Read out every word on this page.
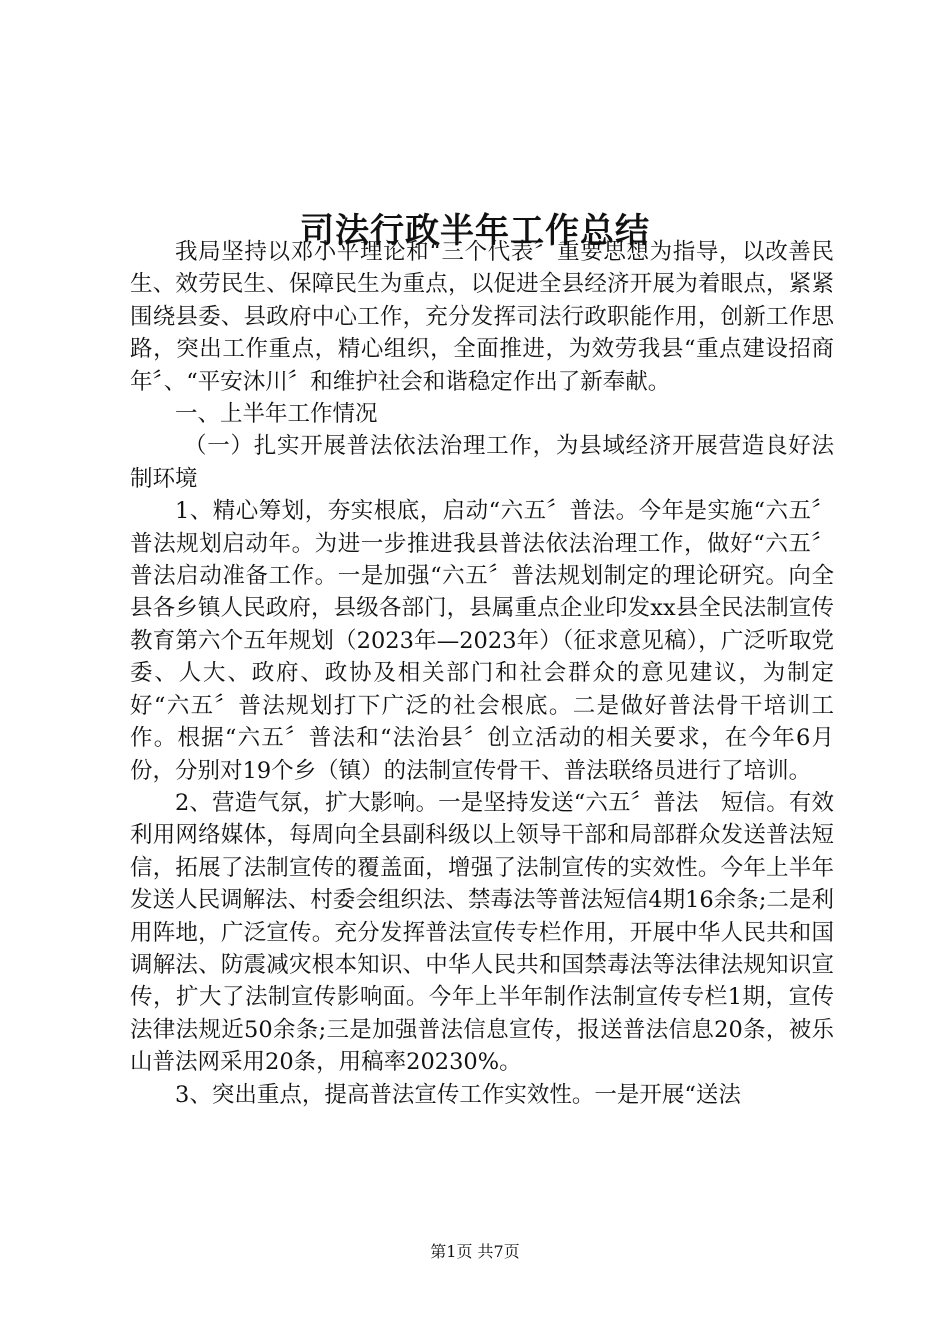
司法行政半年工作总结

我局坚持以邓小平理论和“三个代表〞重要思想为指导，以改善民生、效劳民生、保障民生为重点，以促进全县经济开展为着眼点，紧紧围绕县委、县政府中心工作，充分发挥司法行政职能作用，创新工作思路，突出工作重点，精心组织，全面推进，为效劳我县“重点建设招商年〞、“平安沐川〞和维护社会和谐稳定作出了新奉献。

一、上半年工作情况

（一）扎实开展普法依法治理工作，为县域经济开展营造良好法制环境

1、精心筹划，夯实根底，启动“六五〞普法。今年是实施“六五〞普法规划启动年。为进一步推进我县普法依法治理工作，做好“六五〞普法启动准备工作。一是加强“六五〞普法规划制定的理论研究。向全县各乡镇人民政府，县级各部门，县属重点企业印发xx县全民法制宣传教育第六个五年规划（2023年—2023年）（征求意见稿），广泛听取党委、人大、政府、政协及相关部门和社会群众的意见建议，为制定好“六五〞普法规划打下广泛的社会根底。二是做好普法骨干培训工作。根据“六五〞普法和“法治县〞创立活动的相关要求，在今年6月份，分别对19个乡（镇）的法制宣传骨干、普法联络员进行了培训。

2、营造气氛，扩大影响。一是坚持发送“六五〞普法　短信。有效利用网络媒体，每周向全县副科级以上领导干部和局部群众发送普法短信，拓展了法制宣传的覆盖面，增强了法制宣传的实效性。今年上半年发送人民调解法、村委会组织法、禁毒法等普法短信4期16余条;二是利用阵地，广泛宣传。充分发挥普法宣传专栏作用，开展中华人民共和国调解法、防震减灾根本知识、中华人民共和国禁毒法等法律法规知识宣传，扩大了法制宣传影响面。今年上半年制作法制宣传专栏1期，宣传法律法规近50余条;三是加强普法信息宣传，报送普法信息20条，被乐山普法网采用20条，用稿率20230%。

3、突出重点，提高普法宣传工作实效性。一是开展“送法

第1页 共7页
